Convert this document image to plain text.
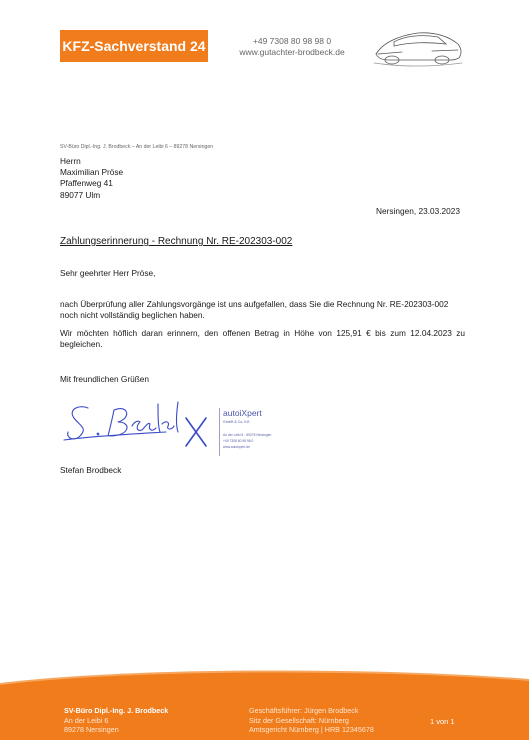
KFZ-Sachverstand 24	+49 7308 80 98 98 0
www.gutachter-brodbeck.de
SV-Büro Dipl.-Ing. J. Brodbeck – An der Leibi 6 – 89278 Nersingen
Herrn
Maximilian Pröse
Pfaffenweg 41
89077 Ulm
Nersingen, 23.03.2023
Zahlungserinnerung - Rechnung Nr. RE-202303-002
Sehr geehrter Herr Pröse,
nach Überprüfung aller Zahlungsvorgänge ist uns aufgefallen, dass Sie die Rechnung Nr. RE-202303-002 noch nicht vollständig beglichen haben.
Wir möchten höflich daran erinnern, den offenen Betrag in Höhe von 125,91 € bis zum 12.04.2023 zu begleichen.
Mit freundlichen Grüßen
autoiXpert
GmbH & Co. KG
An der Leibi 6 · 89278 Nersingen
+49 7308 80 98 98 0
www.autoixpert.de
Stefan Brodbeck
SV-Büro Dipl.-Ing. J. Brodbeck
An der Leibi 6
89278 Nersingen
Geschäftsführer: Jürgen Brodbeck
Sitz der Gesellschaft: Nürnberg
Amtsgericht Nürnberg | HRB 12345678
1 von 1
